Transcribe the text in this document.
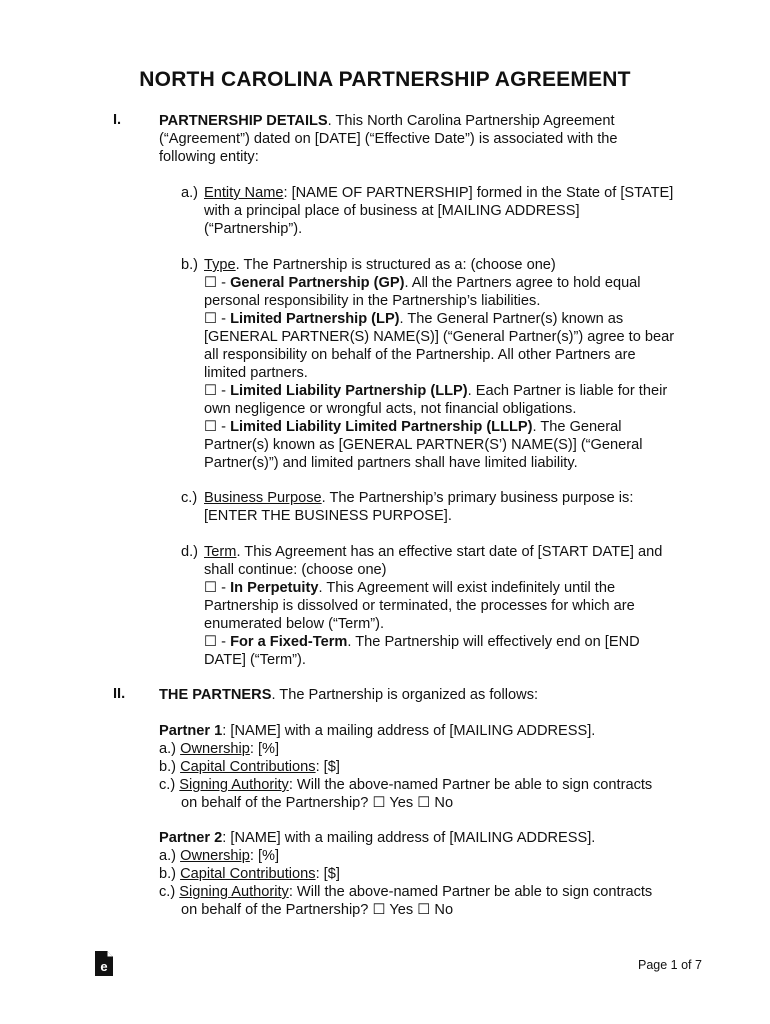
NORTH CAROLINA PARTNERSHIP AGREEMENT
I.	PARTNERSHIP DETAILS. This North Carolina Partnership Agreement (“Agreement”) dated on [DATE] (“Effective Date”) is associated with the following entity:
a.) Entity Name: [NAME OF PARTNERSHIP] formed in the State of [STATE] with a principal place of business at [MAILING ADDRESS] (“Partnership”).
b.) Type. The Partnership is structured as a: (choose one)
☐ - General Partnership (GP). All the Partners agree to hold equal personal responsibility in the Partnership’s liabilities.
☐ - Limited Partnership (LP). The General Partner(s) known as [GENERAL PARTNER(S) NAME(S)] (“General Partner(s)”) agree to bear all responsibility on behalf of the Partnership. All other Partners are limited partners.
☐ - Limited Liability Partnership (LLP). Each Partner is liable for their own negligence or wrongful acts, not financial obligations.
☐ - Limited Liability Limited Partnership (LLLP). The General Partner(s) known as [GENERAL PARTNER(S’) NAME(S)] (“General Partner(s)”) and limited partners shall have limited liability.
c.) Business Purpose. The Partnership’s primary business purpose is: [ENTER THE BUSINESS PURPOSE].
d.) Term. This Agreement has an effective start date of [START DATE] and shall continue: (choose one)
☐ - In Perpetuity. This Agreement will exist indefinitely until the Partnership is dissolved or terminated, the processes for which are enumerated below (“Term”).
☐ - For a Fixed-Term. The Partnership will effectively end on [END DATE] (“Term”).
II. THE PARTNERS. The Partnership is organized as follows:
Partner 1: [NAME] with a mailing address of [MAILING ADDRESS].
a.) Ownership: [%]
b.) Capital Contributions: [$]
c.) Signing Authority: Will the above-named Partner be able to sign contracts
on behalf of the Partnership? ☐ Yes ☐ No
Partner 2: [NAME] with a mailing address of [MAILING ADDRESS].
a.) Ownership: [%]
b.) Capital Contributions: [$]
c.) Signing Authority: Will the above-named Partner be able to sign contracts
on behalf of the Partnership? ☐ Yes ☐ No
e	Page 1 of 7
